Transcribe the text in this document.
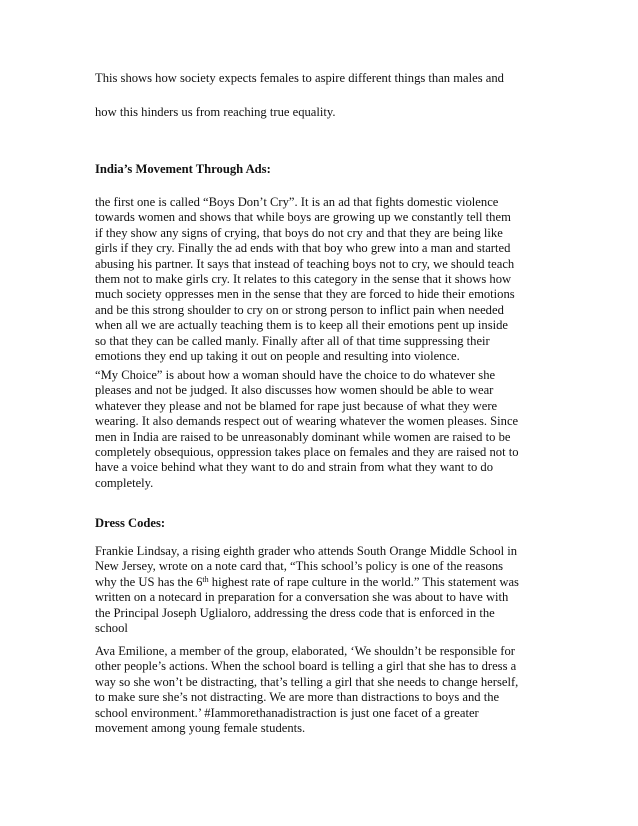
This shows how society expects females to aspire different things than males and
how this hinders us from reaching true equality.
India’s Movement Through Ads:
the first one is called “Boys Don’t Cry”. It is an ad that fights domestic violence
towards women and shows that while boys are growing up we constantly tell them
if they show any signs of crying, that boys do not cry and that they are being like
girls if they cry. Finally the ad ends with that boy who grew into a man and started
abusing his partner. It says that instead of teaching boys not to cry, we should teach
them not to make girls cry. It relates to this category in the sense that it shows how
much society oppresses men in the sense that they are forced to hide their emotions
and be this strong shoulder to cry on or strong person to inflict pain when needed
when all we are actually teaching them is to keep all their emotions pent up inside
so that they can be called manly. Finally after all of that time suppressing their
emotions they end up taking it out on people and resulting into violence.
“My Choice” is about how a woman should have the choice to do whatever she
pleases and not be judged. It also discusses how women should be able to wear
whatever they please and not be blamed for rape just because of what they were
wearing. It also demands respect out of wearing whatever the women pleases. Since
men in India are raised to be unreasonably dominant while women are raised to be
completely obsequious, oppression takes place on females and they are raised not to
have a voice behind what they want to do and strain from what they want to do
completely.
Dress Codes:
Frankie Lindsay, a rising eighth grader who attends South Orange Middle School in
New Jersey, wrote on a note card that, “This school’s policy is one of the reasons
why the US has the 6th highest rate of rape culture in the world.” This statement was
written on a notecard in preparation for a conversation she was about to have with
the Principal Joseph Uglialoro, addressing the dress code that is enforced in the
school
Ava Emilione, a member of the group, elaborated, ‘We shouldn’t be responsible for
other people’s actions. When the school board is telling a girl that she has to dress a
way so she won’t be distracting, that’s telling a girl that she needs to change herself,
to make sure she’s not distracting. We are more than distractions to boys and the
school environment.’ #Iammorethanadistraction is just one facet of a greater
movement among young female students.
